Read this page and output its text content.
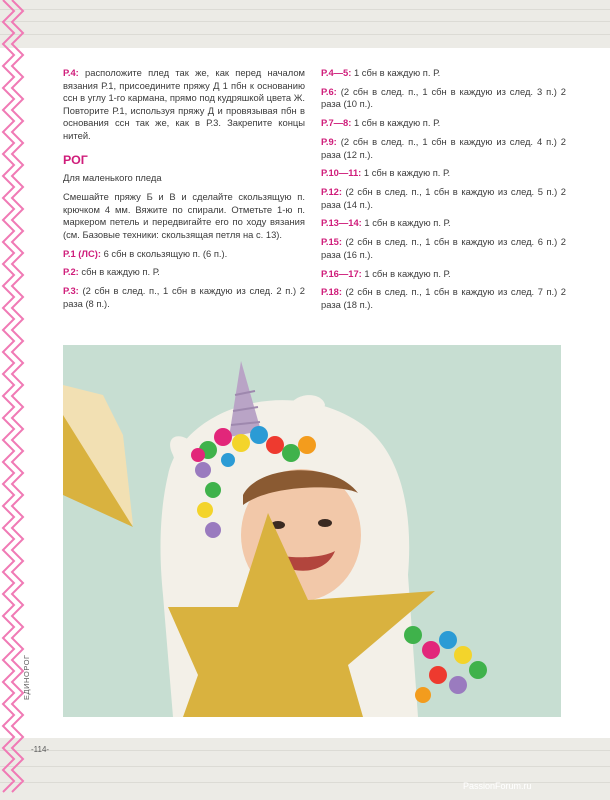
Р.4: расположите плед так же, как перед началом вязания Р.1, присоедините пряжу Д 1 пбн к основанию ссн в углу 1-го кармана, прямо под кудряшкой цвета Ж. Повторите Р.1, используя пряжу Д и провязывая пбн в основания ссн так же, как в Р.3. Закрепите концы нитей.

РОГ

Для маленького пледа

Смешайте пряжу Б и В и сделайте скользящую п. крючком 4 мм. Вяжите по спирали. Отметьте 1-ю п. маркером петель и передвигайте его по ходу вязания (см. Базовые техники: скользящая петля на с. 13).

Р.1 (ЛС): 6 сбн в скользящую п. (6 п.).

Р.2: сбн в каждую п. Р.

Р.3: (2 сбн в след. п., 1 сбн в каждую из след. 2 п.) 2 раза (8 п.).

Р.4—5: 1 сбн в каждую п. Р.

Р.6: (2 сбн в след. п., 1 сбн в каждую из след. 3 п.) 2 раза (10 п.).

Р.7—8: 1 сбн в каждую п. Р.

Р.9: (2 сбн в след. п., 1 сбн в каждую из след. 4 п.) 2 раза (12 п.).

Р.10—11: 1 сбн в каждую п. Р.

Р.12: (2 сбн в след. п., 1 сбн в каждую из след. 5 п.) 2 раза (14 п.).

Р.13—14: 1 сбн в каждую п. Р.

Р.15: (2 сбн в след. п., 1 сбн в каждую из след. 6 п.) 2 раза (16 п.).

Р.16—17: 1 сбн в каждую п. Р.

Р.18: (2 сбн в след. п., 1 сбн в каждую из след. 7 п.) 2 раза (18 п.).

ЕДИНОРОГ
-114-
PassionForum.ru
